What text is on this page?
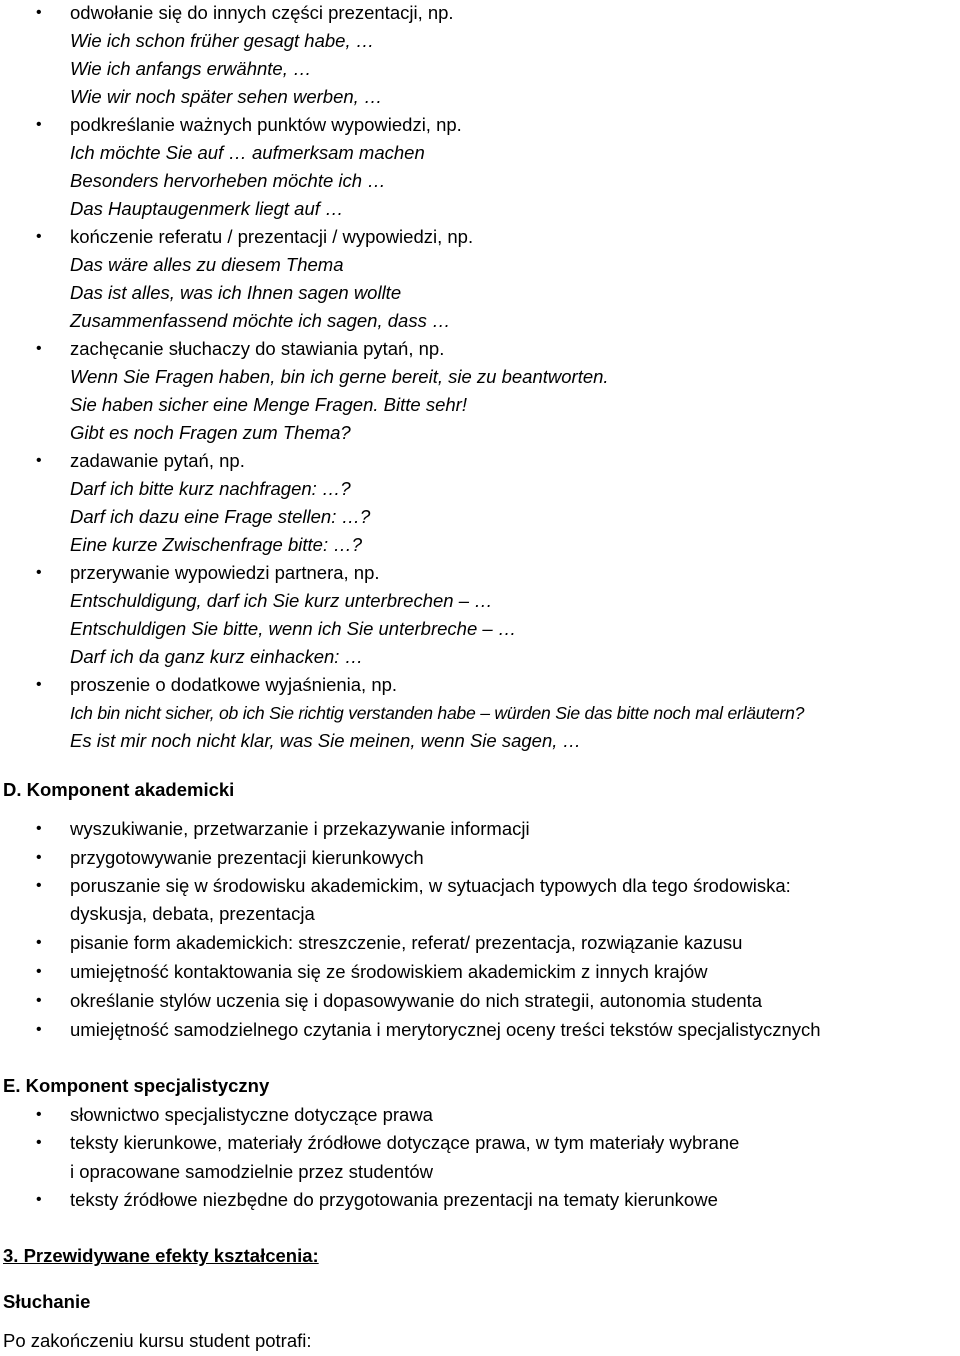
• odwołanie się do innych części prezentacji, np.
Wie ich schon früher gesagt habe, …
Wie ich anfangs erwähnte, …
Wie wir noch später sehen werben, …
• podkreślanie ważnych punktów wypowiedzi, np.
Ich möchte Sie auf … aufmerksam machen
Besonders hervorheben möchte ich …
Das Hauptaugenmerk liegt auf …
• kończenie referatu / prezentacji / wypowiedzi, np.
Das wäre alles zu diesem Thema
Das ist alles, was ich Ihnen sagen wollte
Zusammenfassend möchte ich sagen, dass …
• zachęcanie słuchaczy do stawiania pytań, np.
Wenn Sie Fragen haben, bin ich gerne bereit, sie zu beantworten.
Sie haben sicher eine Menge Fragen. Bitte sehr!
Gibt es noch Fragen zum Thema?
• zadawanie pytań, np.
Darf ich bitte kurz nachfragen: …?
Darf ich dazu eine Frage stellen: …?
Eine kurze Zwischenfrage bitte: …?
• przerywanie wypowiedzi partnera, np.
Entschuldigung, darf ich Sie kurz unterbrechen – …
Entschuldigen Sie bitte, wenn ich Sie unterbreche – …
Darf ich da ganz kurz einhacken: …
• proszenie o dodatkowe wyjaśnienia, np.
Ich bin nicht sicher, ob ich Sie richtig verstanden habe – würden Sie das bitte noch mal erläutern?
Es ist mir noch nicht klar, was Sie meinen, wenn Sie sagen, …
D. Komponent akademicki
• wyszukiwanie, przetwarzanie i przekazywanie informacji
• przygotowywanie prezentacji kierunkowych
• poruszanie się w środowisku akademickim, w sytuacjach typowych dla tego środowiska:
dyskusja, debata, prezentacja
• pisanie form akademickich: streszczenie, referat/ prezentacja, rozwiązanie kazusu
• umiejętność kontaktowania się ze środowiskiem akademickim z innych krajów
• określanie stylów uczenia się i dopasowywanie do nich strategii, autonomia studenta
• umiejętność samodzielnego czytania i merytorycznej oceny treści tekstów specjalistycznych
E. Komponent specjalistyczny
• słownictwo specjalistyczne dotyczące prawa
• teksty kierunkowe, materiały źródłowe dotyczące prawa, w tym materiały wybrane
i opracowane samodzielnie przez studentów
• teksty źródłowe niezbędne do przygotowania prezentacji na tematy kierunkowe
3. Przewidywane efekty kształcenia:
Słuchanie
Po zakończeniu kursu student potrafi:
